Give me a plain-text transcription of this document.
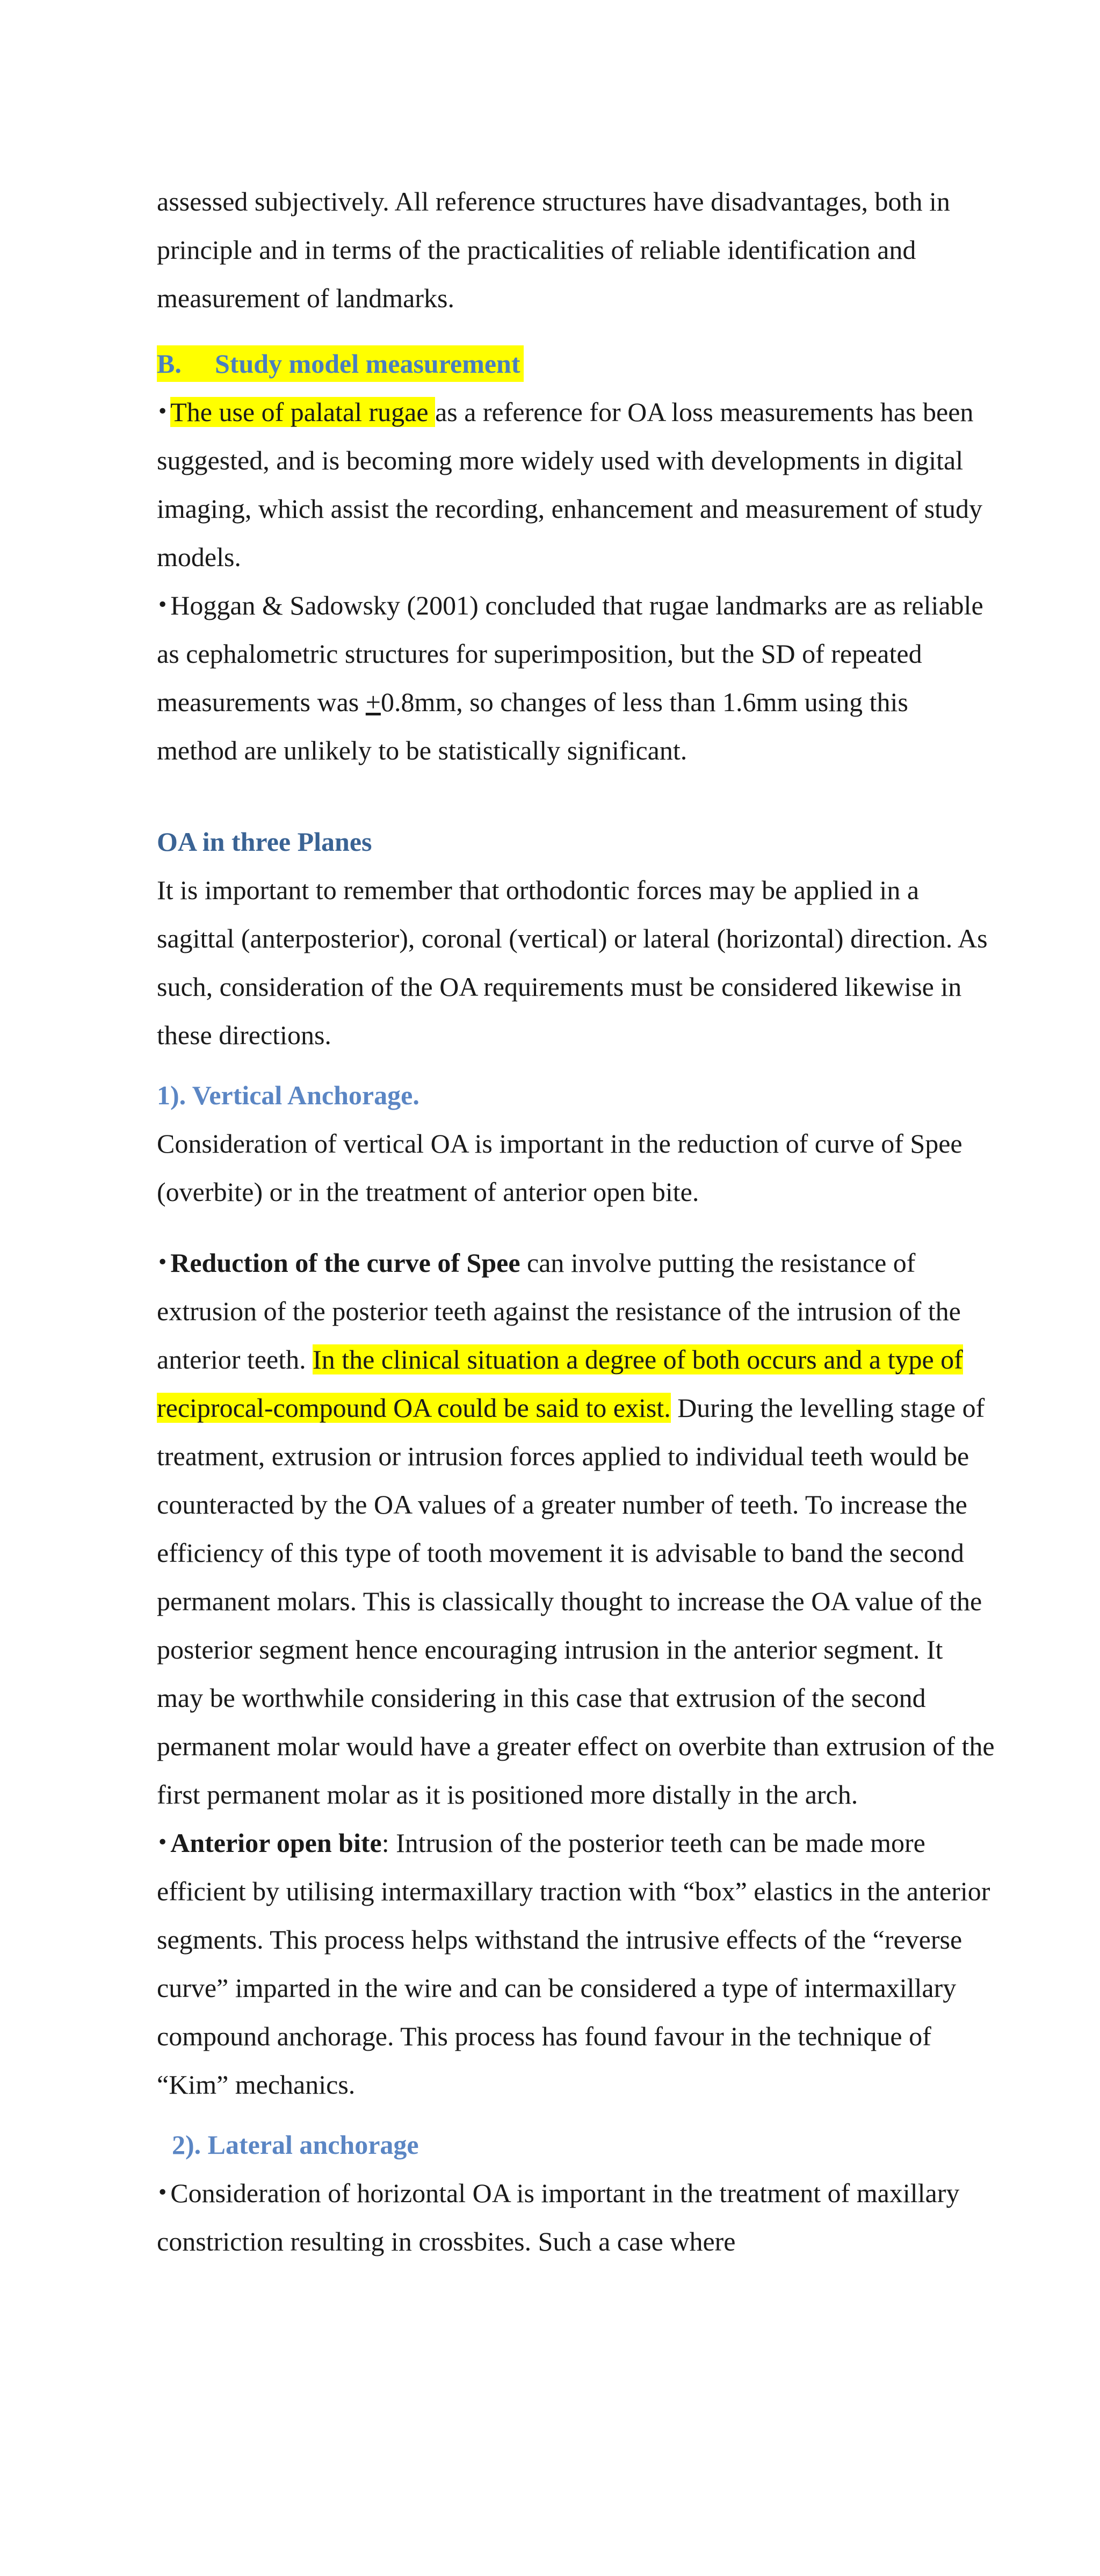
assessed subjectively. All reference structures have disadvantages, both in principle and in terms of the practicalities of reliable identification and measurement of landmarks.

B. Study model measurement

•The use of palatal rugae as a reference for OA loss measurements has been suggested, and is becoming more widely used with developments in digital imaging, which assist the recording, enhancement and measurement of study models.

•Hoggan & Sadowsky (2001) concluded that rugae landmarks are as reliable as cephalometric structures for superimposition, but the SD of repeated measurements was +0.8mm, so changes of less than 1.6mm using this method are unlikely to be statistically significant.

OA in three Planes

It is important to remember that orthodontic forces may be applied in a sagittal (anterposterior), coronal (vertical) or lateral (horizontal) direction. As such, consideration of the OA requirements must be considered likewise in these directions.

1). Vertical Anchorage.

Consideration of vertical OA is important in the reduction of curve of Spee (overbite) or in the treatment of anterior open bite.

•Reduction of the curve of Spee can involve putting the resistance of extrusion of the posterior teeth against the resistance of the intrusion of the anterior teeth. In the clinical situation a degree of both occurs and a type of reciprocal-compound OA could be said to exist. During the levelling stage of treatment, extrusion or intrusion forces applied to individual teeth would be counteracted by the OA values of a greater number of teeth. To increase the efficiency of this type of tooth movement it is advisable to band the second permanent molars. This is classically thought to increase the OA value of the posterior segment hence encouraging intrusion in the anterior segment. It may be worthwhile considering in this case that extrusion of the second permanent molar would have a greater effect on overbite than extrusion of the first permanent molar as it is positioned more distally in the arch.

•Anterior open bite: Intrusion of the posterior teeth can be made more efficient by utilising intermaxillary traction with “box” elastics in the anterior segments. This process helps withstand the intrusive effects of the “reverse curve” imparted in the wire and can be considered a type of intermaxillary compound anchorage. This process has found favour in the technique of “Kim” mechanics.

2). Lateral anchorage

•Consideration of horizontal OA is important in the treatment of maxillary constriction resulting in crossbites. Such a case where
